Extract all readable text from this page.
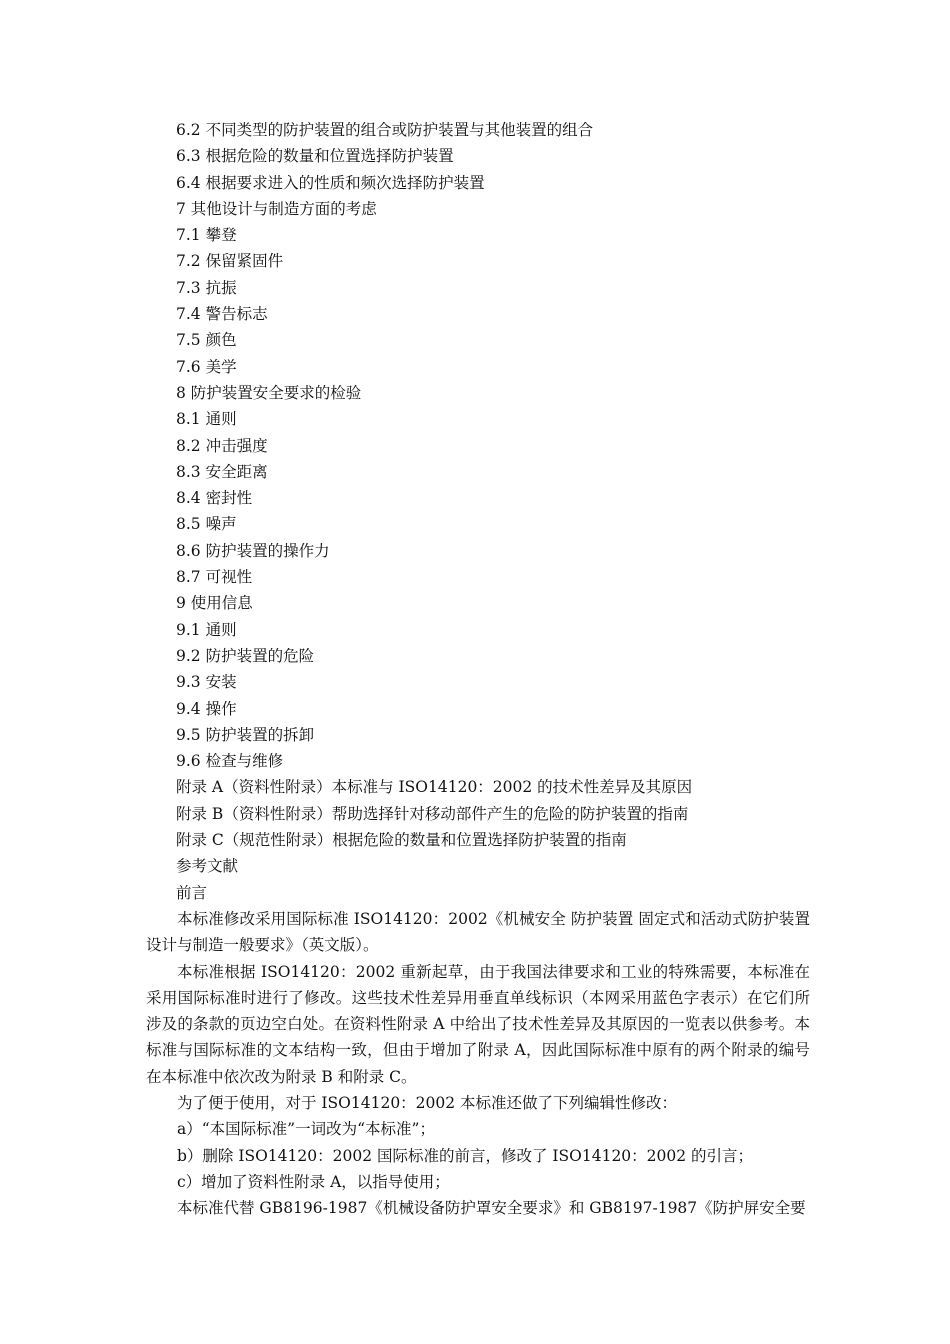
6.2 不同类型的防护装置的组合或防护装置与其他装置的组合
6.3 根据危险的数量和位置选择防护装置
6.4 根据要求进入的性质和频次选择防护装置
7 其他设计与制造方面的考虑
7.1 攀登
7.2 保留紧固件
7.3 抗振
7.4 警告标志
7.5 颜色
7.6 美学
8 防护装置安全要求的检验
8.1 通则
8.2 冲击强度
8.3 安全距离
8.4 密封性
8.5 噪声
8.6 防护装置的操作力
8.7 可视性
9 使用信息
9.1 通则
9.2 防护装置的危险
9.3 安装
9.4 操作
9.5 防护装置的拆卸
9.6 检查与维修
附录 A（资料性附录）本标准与 ISO14120：2002 的技术性差异及其原因
附录 B（资料性附录）帮助选择针对移动部件产生的危险的防护装置的指南
附录 C（规范性附录）根据危险的数量和位置选择防护装置的指南
参考文献
前言

本标准修改采用国际标准 ISO14120：2002《机械安全 防护装置 固定式和活动式防护装置设计与制造一般要求》（英文版）。

本标准根据 ISO14120：2002 重新起草，由于我国法律要求和工业的特殊需要，本标准在采用国际标准时进行了修改。这些技术性差异用垂直单线标识（本网采用蓝色字表示）在它们所涉及的条款的页边空白处。在资料性附录 A 中给出了技术性差异及其原因的一览表以供参考。本标准与国际标准的文本结构一致，但由于增加了附录 A，因此国际标准中原有的两个附录的编号在本标准中依次改为附录 B 和附录 C。

为了便于使用，对于 ISO14120：2002 本标准还做了下列编辑性修改：

a）“本国际标准”一词改为“本标准”；

b）删除 ISO14120：2002 国际标准的前言，修改了 ISO14120：2002 的引言；

c）增加了资料性附录 A，以指导使用；

本标准代替 GB8196-1987《机械设备防护罩安全要求》和 GB8197-1987《防护屏安全要
